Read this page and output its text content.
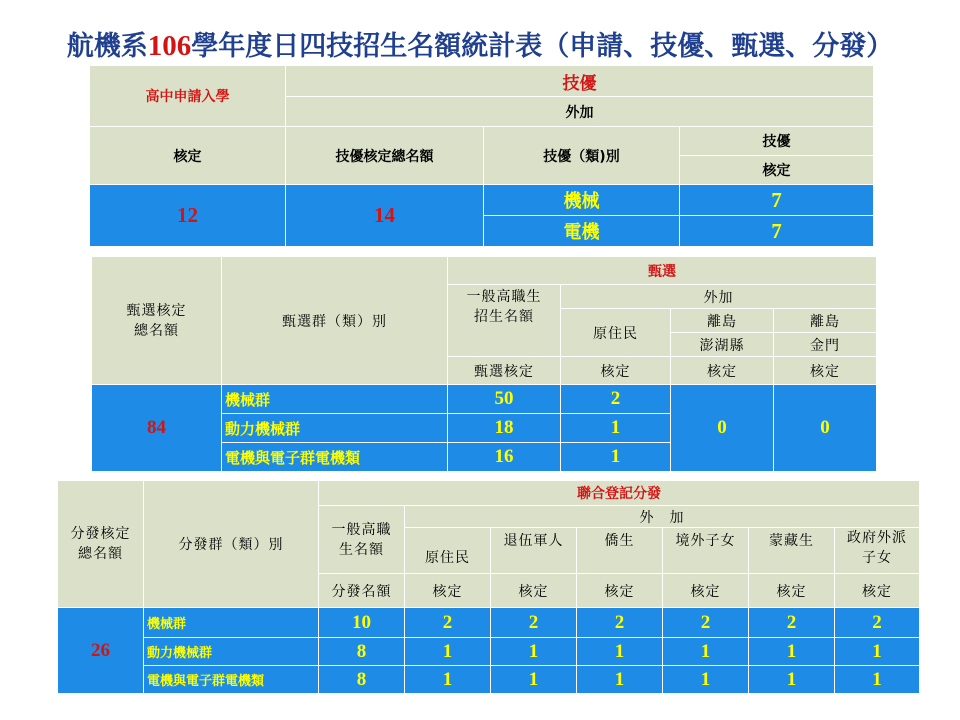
航機系106學年度日四技招生名額統計表（申請、技優、甄選、分發）
高中申請入學	技優		
	外加		
核定	技優核定總名額	技優（類)別	技優
			核定
12	14	機械	7
		電機	7
甄選核定
總名額	甄選群（類）別	甄選			
		一般高職生
招生名額	外加		
			原住民	離島	離島
				澎湖縣	金門
		甄選核定	核定	核定	核定
84	機械群	50	2	0	0
	動力機械群	18	1		
	電機與電子群電機類	16	1		
分發核定
總名額	分發群（類）別	聯合登記分發						
		一般高職
生名額	外　加					
			原住民	退伍軍人	僑生	境外子女	蒙藏生	政府外派
子女
		分發名額	核定	核定	核定	核定	核定	核定
26	機械群	10	2	2	2	2	2	2
	動力機械群	8	1	1	1	1	1	1
	電機與電子群電機類	8	1	1	1	1	1	1
